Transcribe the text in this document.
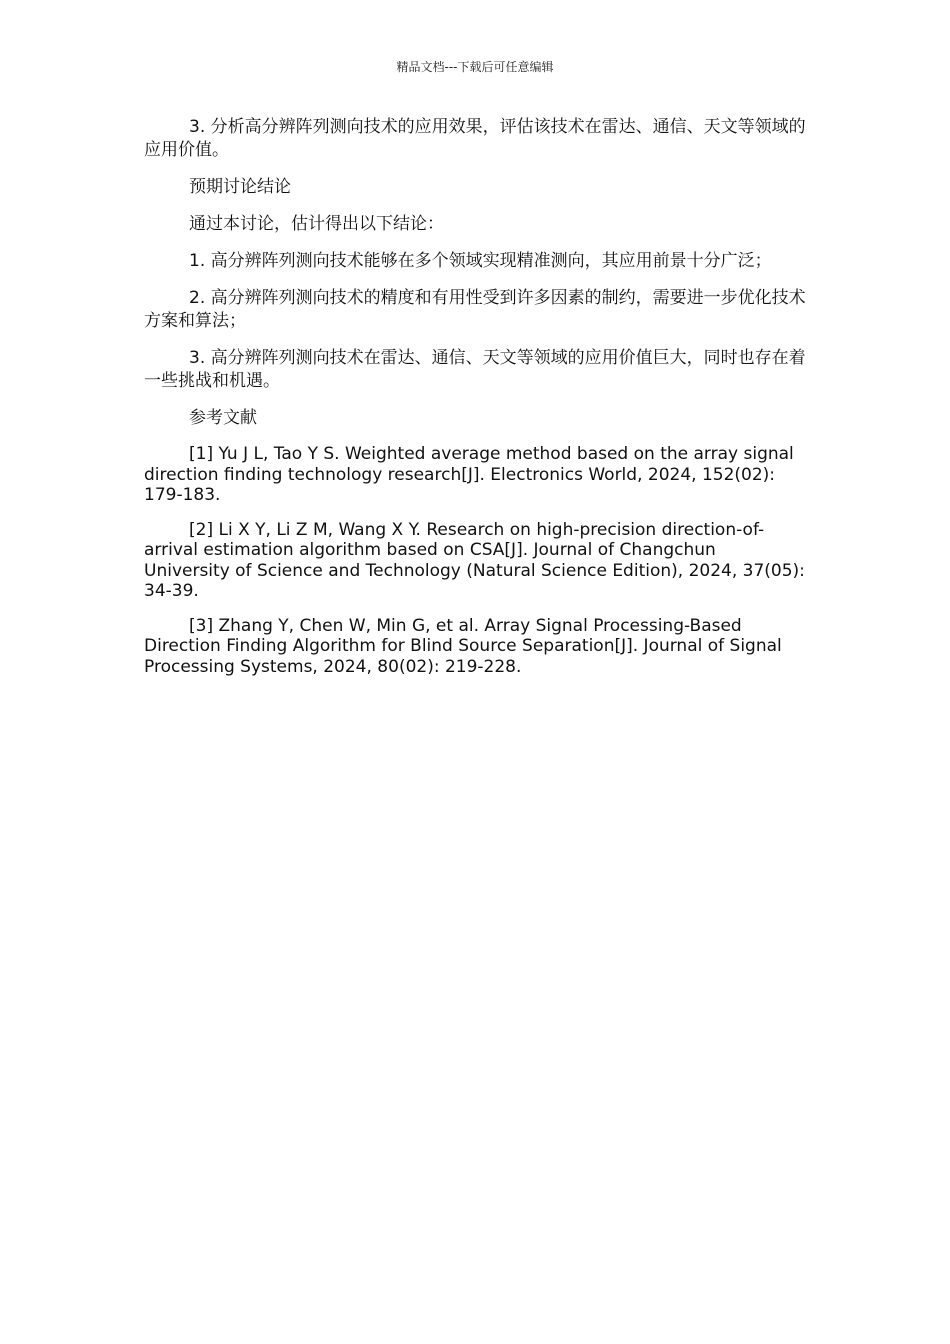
精品文档---下载后可任意编辑

3. 分析高分辨阵列测向技术的应用效果，评估该技术在雷达、通信、天文等领域的应用价值。

预期讨论结论

通过本讨论，估计得出以下结论：

1. 高分辨阵列测向技术能够在多个领域实现精准测向，其应用前景十分广泛；

2. 高分辨阵列测向技术的精度和有用性受到许多因素的制约，需要进一步优化技术方案和算法；

3. 高分辨阵列测向技术在雷达、通信、天文等领域的应用价值巨大，同时也存在着一些挑战和机遇。

参考文献

[1] Yu J L, Tao Y S. Weighted average method based on the array signal direction finding technology research[J]. Electronics World, 2024, 152(02): 179-183.

[2] Li X Y, Li Z M, Wang X Y. Research on high-precision direction-of-arrival estimation algorithm based on CSA[J]. Journal of Changchun University of Science and Technology (Natural Science Edition), 2024, 37(05): 34-39.

[3] Zhang Y, Chen W, Min G, et al. Array Signal Processing-Based Direction Finding Algorithm for Blind Source Separation[J]. Journal of Signal Processing Systems, 2024, 80(02): 219-228.
